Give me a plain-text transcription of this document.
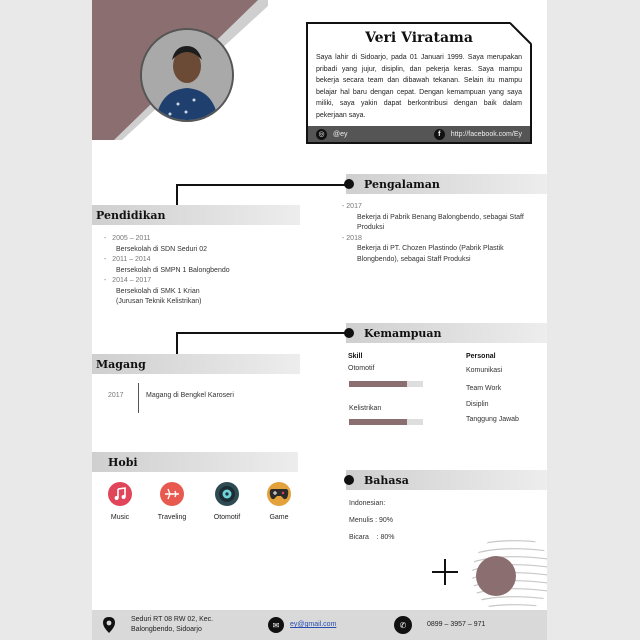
Veri Viratama
Saya lahir di Sidoarjo, pada 01 Januari 1999. Saya merupakan pribadi yang jujur, disiplin, dan pekerja keras. Saya mampu bekerja secara team dan dibawah tekanan. Selain itu mampu belajar hal baru dengan cepat. Dengan kemampuan yang saya miliki, saya yakin dapat berkontribusi dengan baik dalam pekerjaan saya.
◎	@ey	f	http://facebook.com/Ey
Pengalaman
- 2017
Bekerja di Pabrik Benang Balongbendo, sebagai Staff
Produksi
- 2018
Bekerja di PT. Chozen Plastindo (Pabrik Plastik
Blongbendo), sebagai Staff Produksi
Pendidikan
-   2005 – 2011
Bersekolah di SDN Seduri 02
-   2011 – 2014
Bersekolah di SMPN 1 Balongbendo
-   2014 – 2017
Bersekolah di SMK 1 Krian
(Jurusan Teknik Kelistrikan)
Kemampuan
Skill
Otomotif
Kelistrikan
Personal
Komunikasi
Team Work
Disiplin
Tanggung Jawab
Magang
2017	Magang di Bengkel Karoseri
Hobi
Music	Traveling	Otomotif	Game
Bahasa
Indonesian:
Menulis : 90%
Bicara    : 80%
Seduri RT 08 RW 02, Kec.
Balongbendo, Sidoarjo	✉	ey@gmail.com	✆	0899 – 3957 – 971
